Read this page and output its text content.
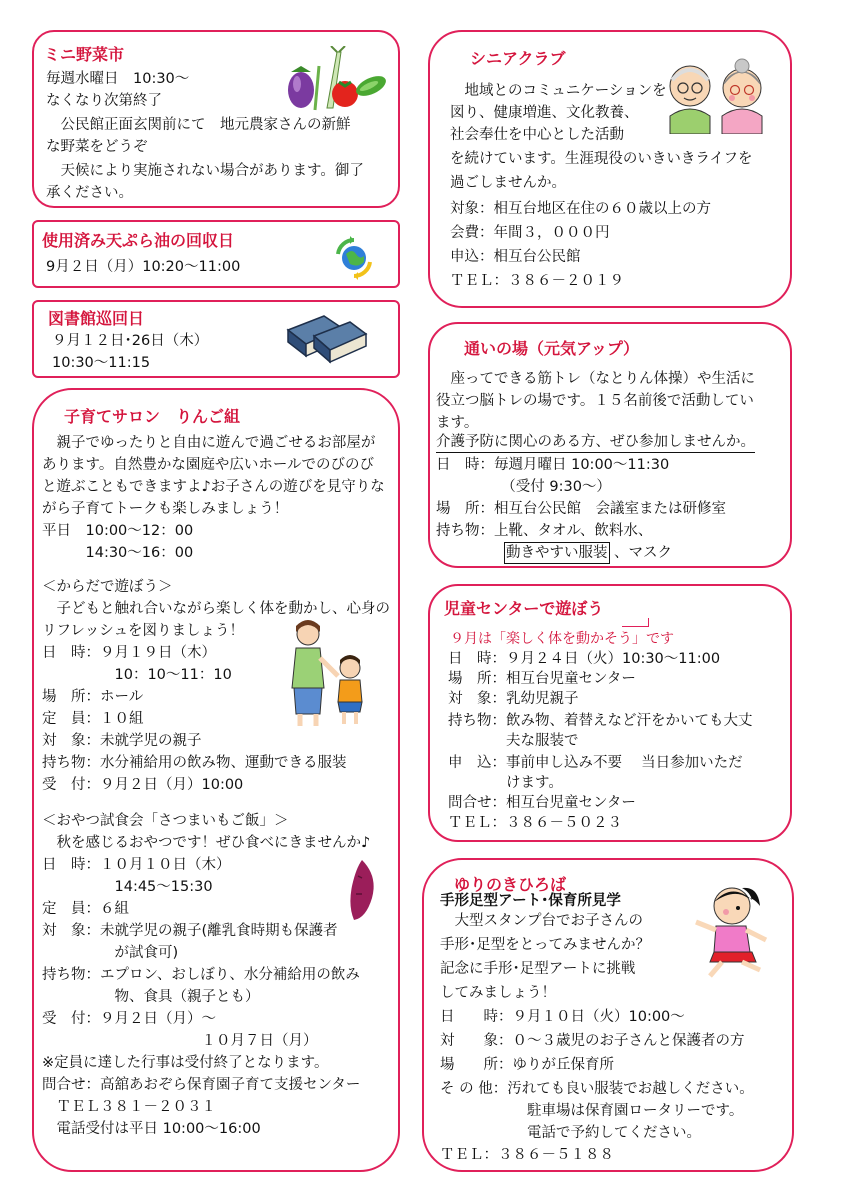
ミニ野菜市
毎週水曜日　10:30～
なくなり次第終了
　公民館正面玄関前にて　地元農家さんの新鮮
な野菜をどうぞ
　天候により実施されない場合があります。御了
承ください。
使用済み天ぷら油の回収日
9月２日（月）10:20～11:00
図書館巡回日
９月１２日･26日（木）
10:30～11:15
子育てサロン　りんご組
　親子でゆったりと自由に遊んで過ごせるお部屋が
あります。自然豊かな園庭や広いホールでのびのび
と遊ぶこともできますよ♪お子さんの遊びを見守りな
がら子育てトークも楽しみましょう！
平日　10:00～12：00
　　　14:30～16：00
＜からだで遊ぼう＞
　子どもと触れ合いながら楽しく体を動かし、心身の
リフレッシュを図りましょう！
日　時：９月１９日（木）
　　　　　10：10～11：10
場　所：ホール
定　員：１０組
対　象：未就学児の親子
持ち物：水分補給用の飲み物、運動できる服装
受　付：９月２日（月）10:00
＜おやつ試食会「さつまいもご飯」＞
　秋を感じるおやつです！ぜひ食べにきませんか♪
日　時：１０月１０日（木）
　　　　　14:45～15:30
定　員：６組
対　象：未就学児の親子(離乳食時期も保護者
　　　　　が試食可)
持ち物：エプロン、おしぼり、水分補給用の飲み
　　　　　物、食具（親子とも）
受　付：９月２日（月）～
　　　　　　　　　　　１０月７日（月）
※定員に達した行事は受付終了となります。
問合せ：高舘あおぞら保育園子育て支援センター
　ＴＥＬ３８１－２０３１
　電話受付は平日 10:00～16:00
シニアクラブ
　地域とのコミュニケーションを
図り、健康増進、文化教養、
社会奉仕を中心とした活動
を続けています。生涯現役のいきいきライフを
過ごしませんか。
対象：相互台地区在住の６０歳以上の方
会費：年間３，０００円
申込：相互台公民館
ＴＥＬ：３８６－２０１９
通いの場（元気アップ）
　座ってできる筋トレ（なとりん体操）や生活に
役立つ脳トレの場です。１５名前後で活動してい
ます。
介護予防に関心のある方、ぜひ参加しませんか。
日　時：毎週月曜日 10:00～11:30
　　　　　（受付 9:30～）
場　所：相互台公民館　会議室または研修室
持ち物：上靴、タオル、飲料水、
動きやすい服装 、マスク
児童センターで遊ぼう
９月は「楽しく体を動かそう」です
日　時：９月２４日（火）10:30～11:00
場　所：相互台児童センター
対　象：乳幼児親子
持ち物：飲み物、着替えなど汗をかいても大丈
　　　　夫な服装で
申　込：事前申し込み不要　 当日参加いただ
　　　　けます。
問合せ：相互台児童センター
ＴＥＬ：３８６－５０２３
ゆりのきひろば
手形足型アート･保育所見学
　大型スタンプ台でお子さんの
手形･足型をとってみませんか？
記念に手形･足型アートに挑戦
してみましょう！
日　　時：９月１０日（火）10:00～
対　　象：０～３歳児のお子さんと保護者の方
場　　所：ゆりが丘保育所
そ の 他：汚れても良い服装でお越しください。
　　　　　　駐車場は保育園ロータリーです。
　　　　　　電話で予約してください。
ＴＥＬ：３８６－５１８８
